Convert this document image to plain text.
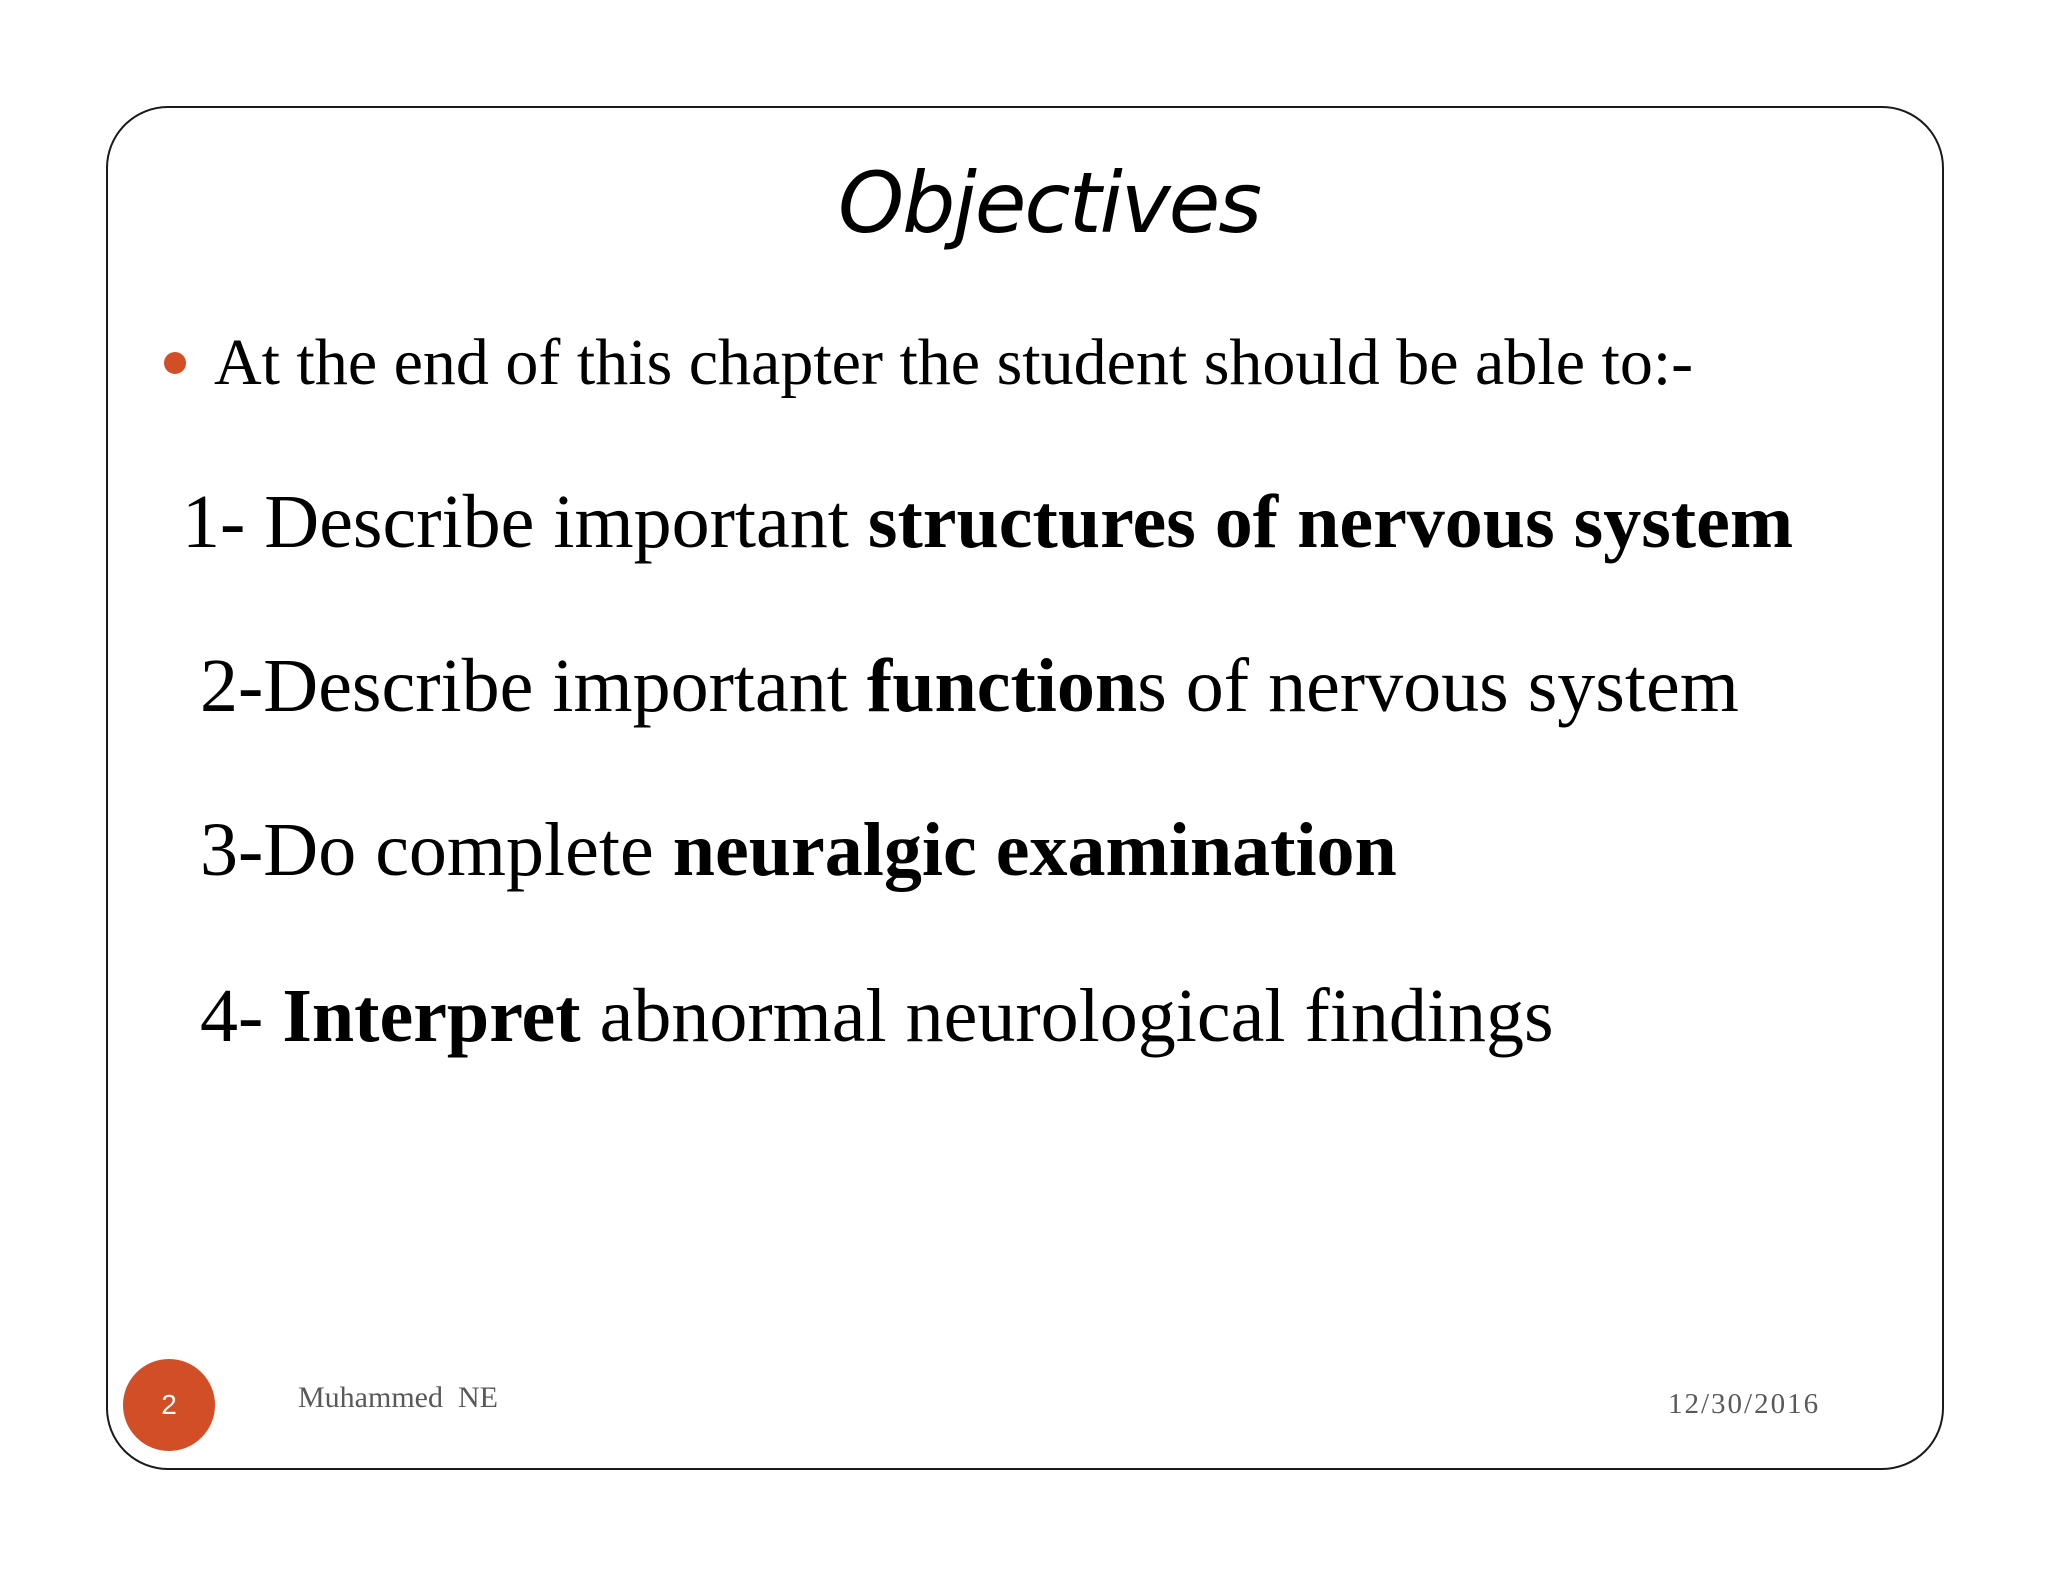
Objectives
At the end of this chapter the student should be able to:-
1- Describe important structures of nervous system
2-Describe important functions of nervous system
3-Do complete neuralgic examination
4- Interpret abnormal neurological findings
2	Muhammed  NE	12/30/2016
